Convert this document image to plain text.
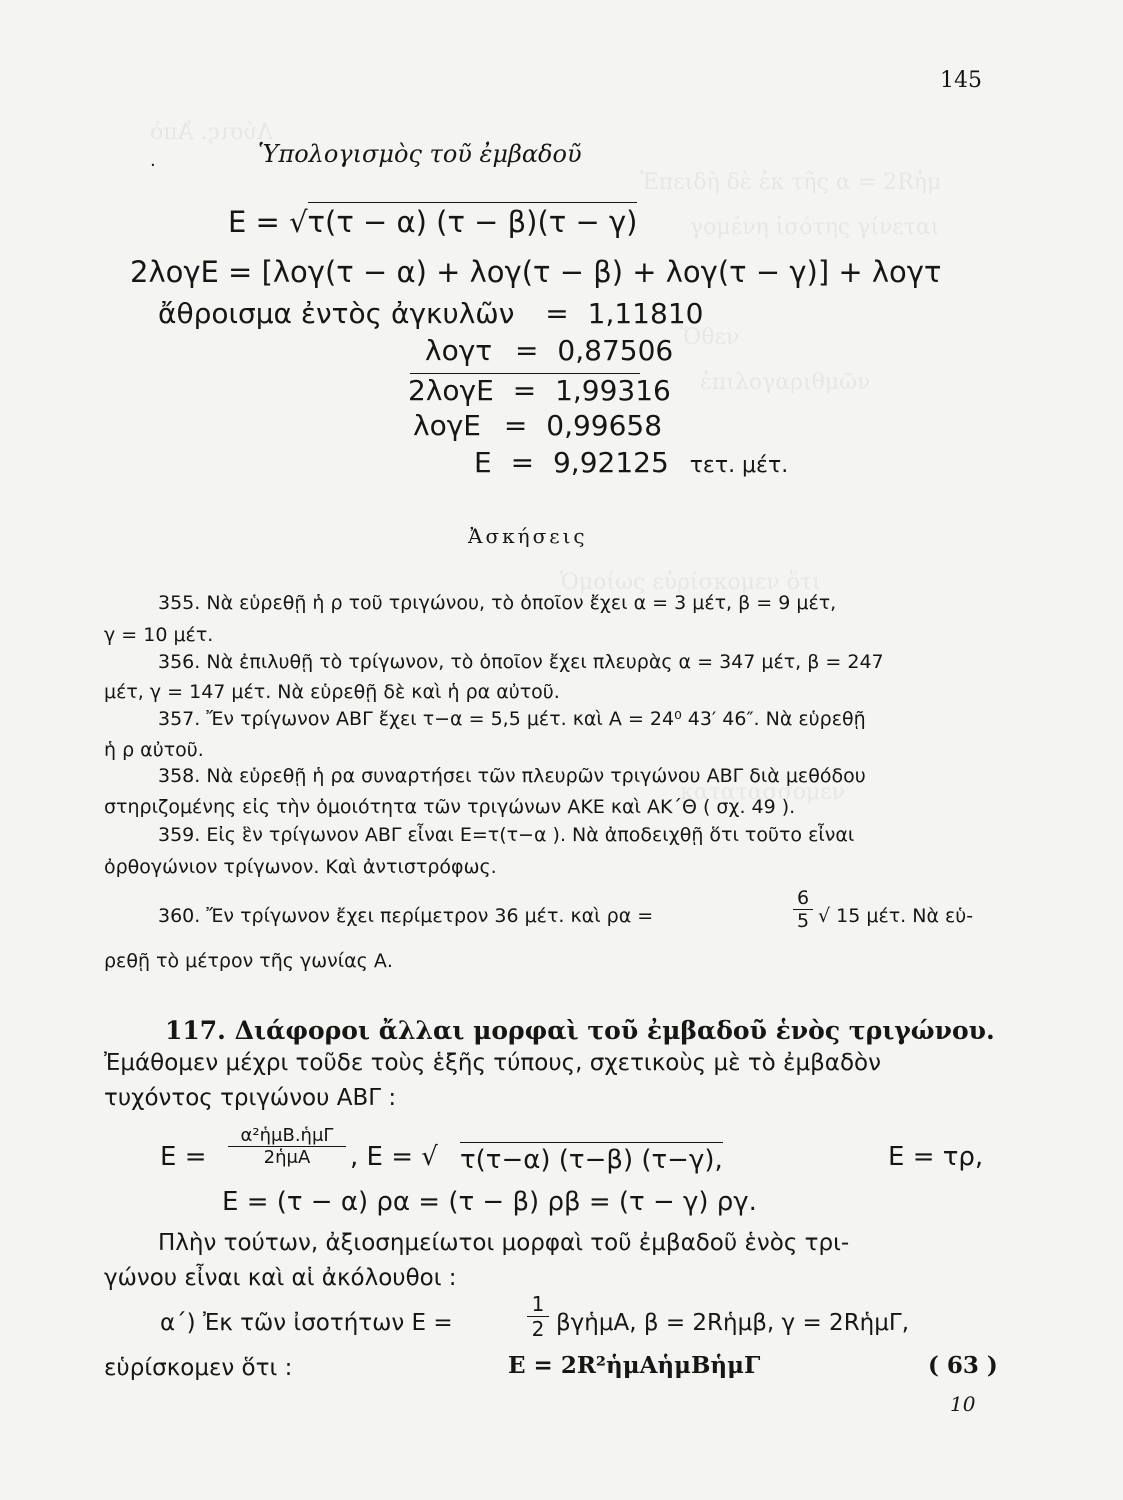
Λύσις. Ἀπὸ
Ἐπειδὴ δὲ ἐκ τῆς α = 2Rἡμ
γομένη ἰσότης γίνεται
Ὅθεν
ἐπιλογαριθμῶν
κατατάσσομεν
Ὁμοίως εὑρίσκομεν ὅτι
145
.	Ὑπολογισμὸς τοῦ ἐμβαδοῦ
E = √τ(τ − α) (τ − β)(τ − γ)
2λογE = [λογ(τ − α) + λογ(τ − β) + λογ(τ − γ)] + λογτ
ἄθροισμα ἐντὸς ἀγκυλῶν = 1,11810
λογτ = 0,87506
2λογE = 1,99316
λογE = 0,99658
E = 9,92125 τετ. μέτ.
Ἀσκήσεις
355. Νὰ εὑρεθῇ ἡ ρ τοῦ τριγώνου, τὸ ὁποῖον ἔχει α = 3 μέτ, β = 9 μέτ,
γ = 10 μέτ.
356. Νὰ ἐπιλυθῇ τὸ τρίγωνον, τὸ ὁποῖον ἔχει πλευρὰς α = 347 μέτ, β = 247
μέτ, γ = 147 μέτ. Νὰ εὑρεθῇ δὲ καὶ ἡ ρα αὐτοῦ.
357. Ἔν τρίγωνον ΑΒΓ ἔχει τ−α = 5,5 μέτ. καὶ Α = 24⁰ 43′ 46″. Νὰ εὑρεθῇ
ἡ ρ αὐτοῦ.
358. Νὰ εὑρεθῇ ἡ ρα συναρτήσει τῶν πλευρῶν τριγώνου ΑΒΓ διὰ μεθόδου
στηριζομένης εἰς τὴν ὁμοιότητα τῶν τριγώνων ΑΚΕ καὶ ΑΚ΄Θ ( σχ. 49 ).
359. Εἰς ἓν τρίγωνον ΑΒΓ εἶναι E=τ(τ−α ). Νὰ ἀποδειχθῇ ὅτι τοῦτο εἶναι
ὀρθογώνιον τρίγωνον. Καὶ ἀντιστρόφως.
360. Ἔν τρίγωνον ἔχει περίμετρον 36 μέτ. καὶ ρα =	$\frac{6}{5}$ √ 15 μέτ. Νὰ εὑ-
ρεθῇ τὸ μέτρον τῆς γωνίας Α.
117. Διάφοροι ἄλλαι μορφαὶ τοῦ ἐμβαδοῦ ἑνὸς τριγώνου.
Ἐμάθομεν μέχρι τοῦδε τοὺς ἑξῆς τύπους, σχετικοὺς μὲ τὸ ἐμβαδὸν
τυχόντος τριγώνου ΑΒΓ :
E =
α²ἡμΒ.ἡμΓ
2ἡμΑ	, E = √ τ(τ−α) (τ−β) (τ−γ),	E = τρ,
E = (τ − α) ρα = (τ − β) ρβ = (τ − γ) ργ.
Πλὴν τούτων, ἀξιοσημείωτοι μορφαὶ τοῦ ἐμβαδοῦ ἑνὸς τρι-
γώνου εἶναι καὶ αἱ ἀκόλουθοι :
α΄) Ἐκ τῶν ἰσοτήτων E =	$\frac{1}{2}$ βγἡμΑ, β = 2Rἡμβ, γ = 2RἡμΓ,
εὑρίσκομεν ὅτι :	E = 2R²ἡμΑἡμΒἡμΓ	( 63 )
10
